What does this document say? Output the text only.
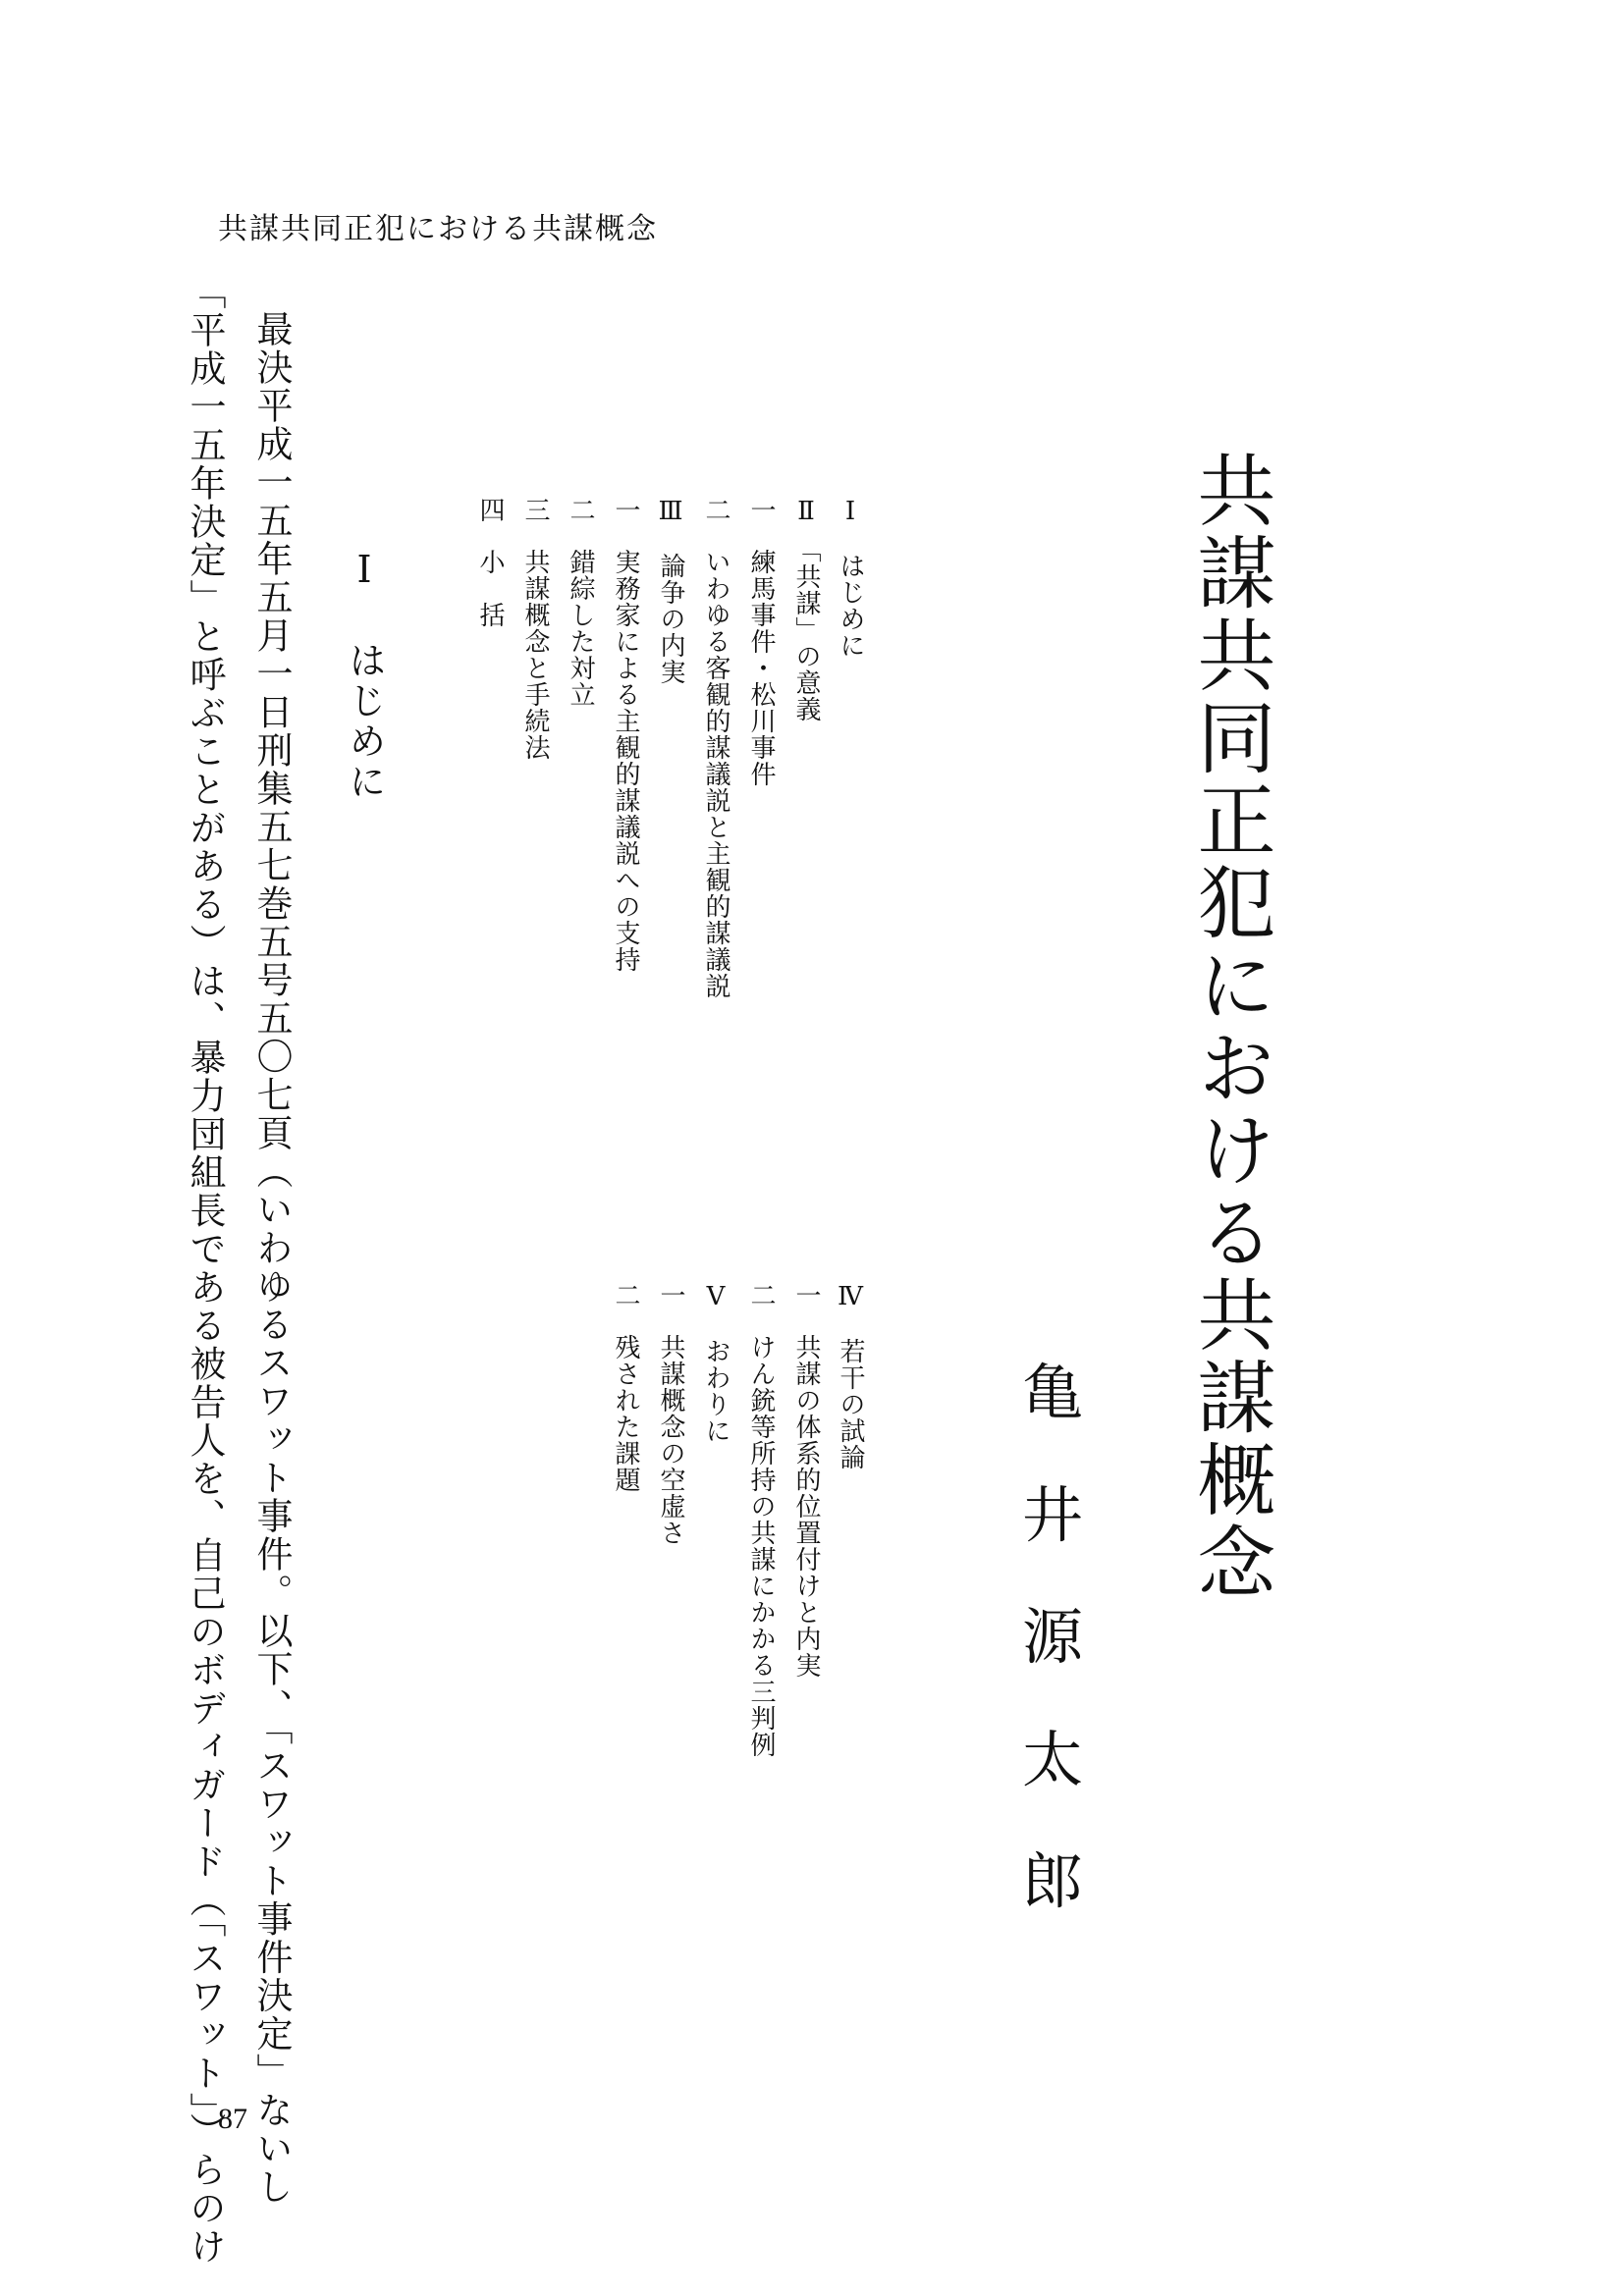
共謀共同正犯における共謀概念
共謀共同正犯における共謀概念
亀
井
源
太
郎
Ⅰはじめに
Ⅱ「共謀」の意義
一練馬事件・松川事件
二いわゆる客観的謀議説と主観的謀議説
Ⅲ論争の内実
一実務家による主観的謀議説への支持
二錯綜した対立
三共謀概念と手続法
四小　括
Ⅳ若干の試論
一共謀の体系的位置付けと内実
二けん銃等所持の共謀にかかる三判例
Ⅴおわりに
一共謀概念の空虚さ
二残された課題
Ⅰはじめに
最決平成一五年五月一日刑集五七巻五号五〇七頁（いわゆるスワット事件。以下、「スワット事件決定」ないし
「平成一五年決定」と呼ぶことがある）は、暴力団組長である被告人を、自己のボディガード（「スワット」）らのけ
87
